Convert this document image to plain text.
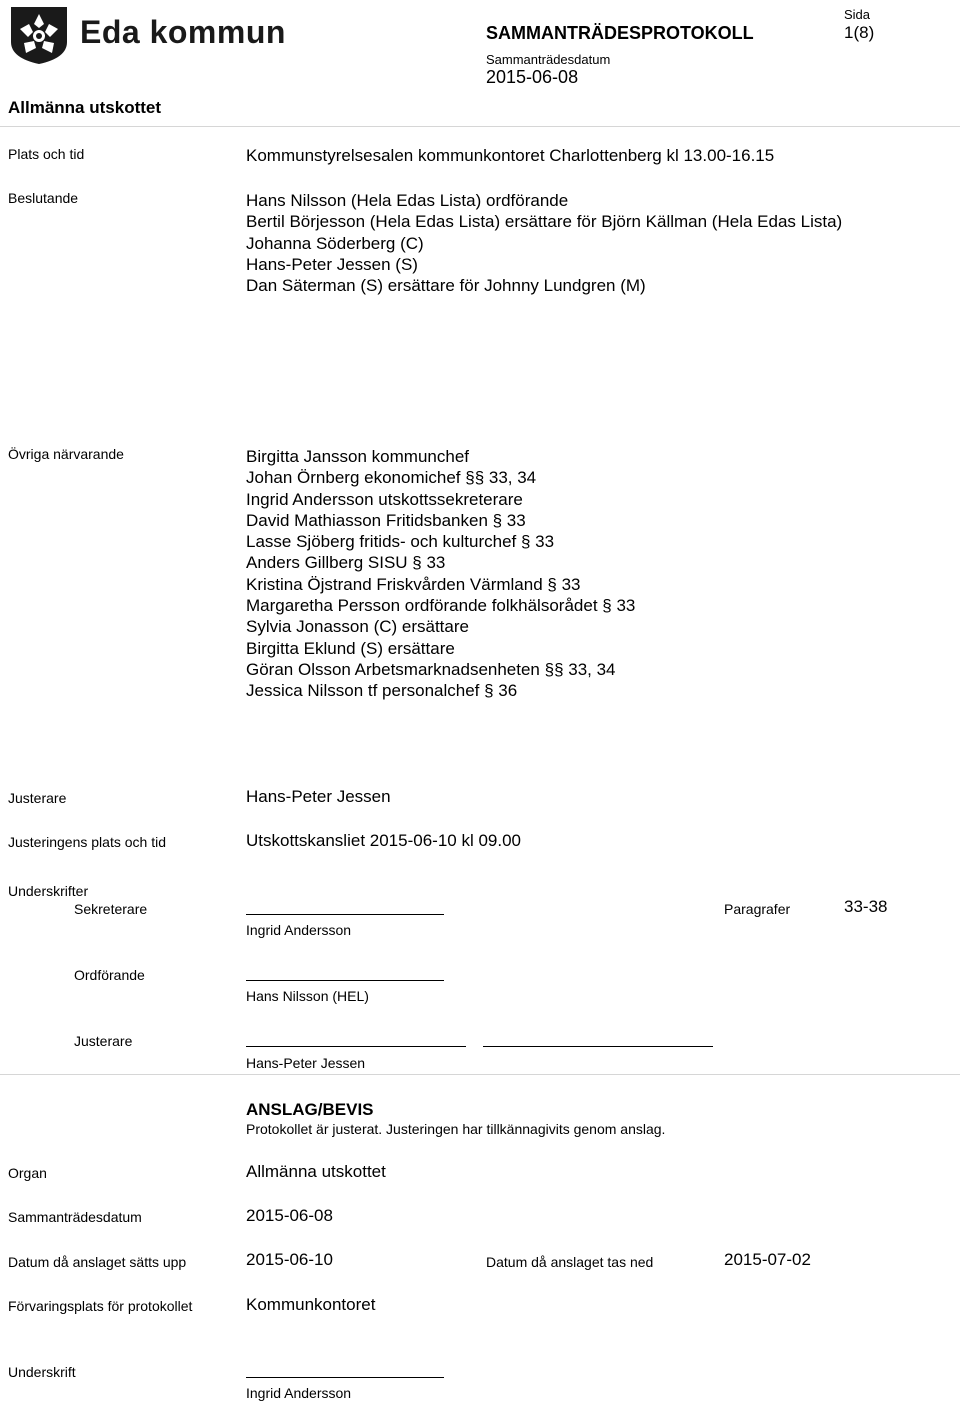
Eda kommun	SAMMANTRÄDESPROTOKOLL
Sammanträdesdatum
2015-06-08
Sida
1(8)
Allmänna utskottet
Plats och tid	Kommunstyrelsesalen kommunkontoret Charlottenberg kl 13.00-16.15
Beslutande	Hans Nilsson (Hela Edas Lista) ordförande
Bertil Börjesson (Hela Edas Lista) ersättare för Björn Källman (Hela Edas Lista)
Johanna Söderberg (C)
Hans-Peter Jessen (S)
Dan Säterman (S) ersättare för Johnny Lundgren (M)
Övriga närvarande	Birgitta Jansson kommunchef
Johan Örnberg ekonomichef §§ 33, 34
Ingrid Andersson utskottssekreterare
David Mathiasson Fritidsbanken § 33
Lasse Sjöberg fritids- och kulturchef § 33
Anders Gillberg SISU § 33
Kristina Öjstrand Friskvården Värmland § 33
Margaretha Persson ordförande folkhälsorådet § 33
Sylvia Jonasson (C) ersättare
Birgitta Eklund (S) ersättare
Göran Olsson Arbetsmarknadsenheten §§ 33, 34
Jessica Nilsson tf personalchef § 36
Justerare	Hans-Peter Jessen
Justeringens plats och tid	Utskottskansliet 2015-06-10 kl 09.00
Underskrifter
Sekreterare
Ingrid Andersson
Paragrafer	33-38
Ordförande
Hans Nilsson (HEL)
Justerare
Hans-Peter Jessen
ANSLAG/BEVIS
Protokollet är justerat. Justeringen har tillkännagivits genom anslag.
Organ	Allmänna utskottet
Sammanträdesdatum	2015-06-08
Datum då anslaget sätts upp	2015-06-10	Datum då anslaget tas ned	2015-07-02
Förvaringsplats för protokollet	Kommunkontoret
Underskrift
Ingrid Andersson
